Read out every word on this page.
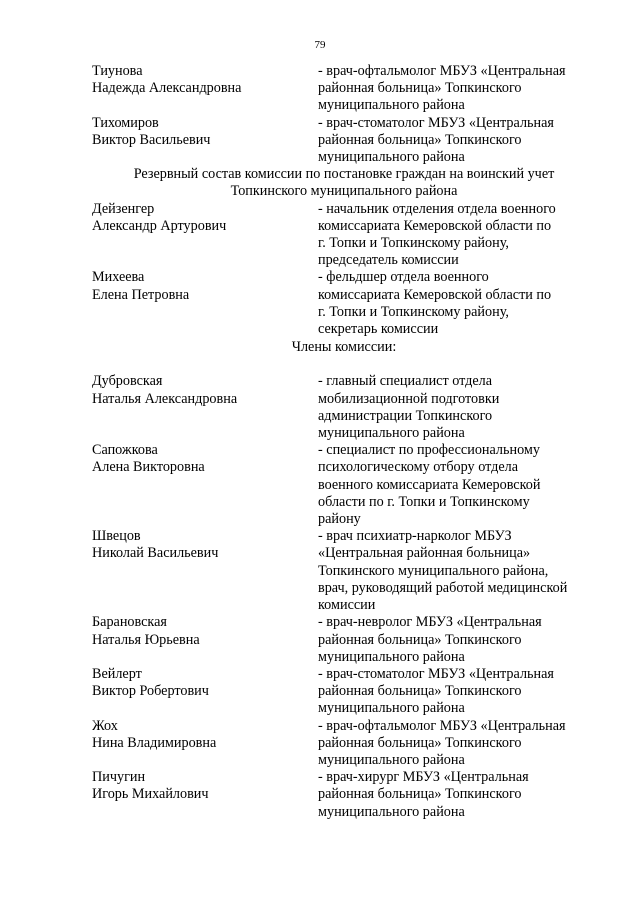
79
Тиунова
Надежда Александровна
- врач-офтальмолог МБУЗ «Центральная
районная больница» Топкинского
муниципального района
Тихомиров
Виктор Васильевич
- врач-стоматолог МБУЗ «Центральная
районная больница» Топкинского
муниципального района
Резервный состав комиссии по постановке граждан на воинский учет
Топкинского муниципального района
Дейзенгер
Александр Артурович
- начальник отделения отдела военного
комиссариата Кемеровской области по
г. Топки и Топкинскому району,
председатель комиссии
Михеева
Елена Петровна
- фельдшер отдела военного
комиссариата Кемеровской области по
г. Топки и Топкинскому району,
секретарь комиссии
Члены комиссии:
Дубровская
Наталья Александровна
- главный специалист отдела
мобилизационной подготовки
администрации Топкинского
муниципального района
Сапожкова
Алена Викторовна
- специалист по профессиональному
психологическому отбору отдела
военного комиссариата Кемеровской
области по г. Топки и Топкинскому
району
Швецов
Николай Васильевич
- врач психиатр-нарколог МБУЗ
«Центральная районная больница»
Топкинского муниципального района,
врач, руководящий работой медицинской
комиссии
Барановская
Наталья Юрьевна
- врач-невролог МБУЗ «Центральная
районная больница» Топкинского
муниципального района
Вейлерт
Виктор Робертович
- врач-стоматолог МБУЗ «Центральная
районная больница» Топкинского
муниципального района
Жох
Нина Владимировна
- врач-офтальмолог МБУЗ «Центральная
районная больница» Топкинского
муниципального района
Пичугин
Игорь Михайлович
- врач-хирург МБУЗ «Центральная
районная больница» Топкинского
муниципального района
